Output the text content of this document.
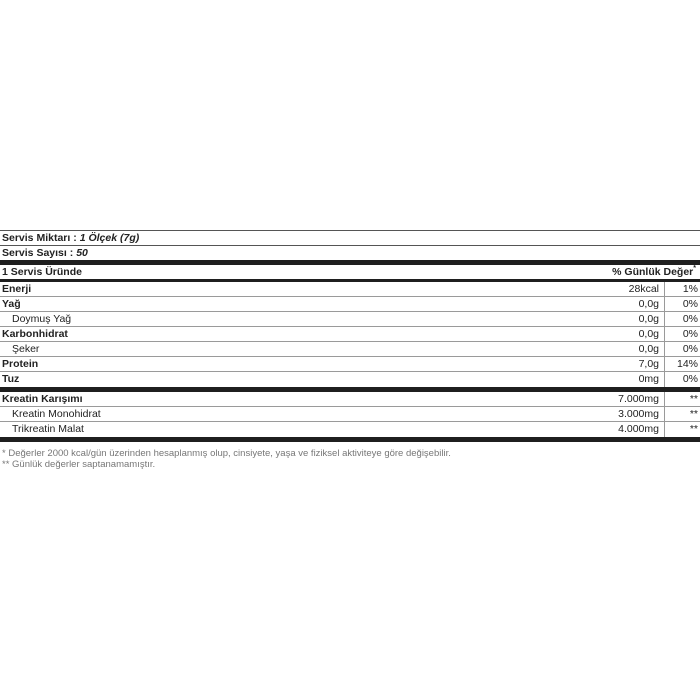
Servis Miktarı : 1 Ölçek (7g)
Servis Sayısı : 50
1 Servis Üründe	% Günlük Değer*
Enerji	28kcal	1%
Yağ	0,0g	0%
Doymuş Yağ	0,0g	0%
Karbonhidrat	0,0g	0%
Şeker	0,0g	0%
Protein	7,0g	14%
Tuz	0mg	0%
Kreatin Karışımı	7.000mg	**
Kreatin Monohidrat	3.000mg	**
Trikreatin Malat	4.000mg	**
* Değerler 2000 kcal/gün üzerinden hesaplanmış olup, cinsiyete, yaşa ve fiziksel aktiviteye göre değişebilir.
** Günlük değerler saptanamamıştır.
